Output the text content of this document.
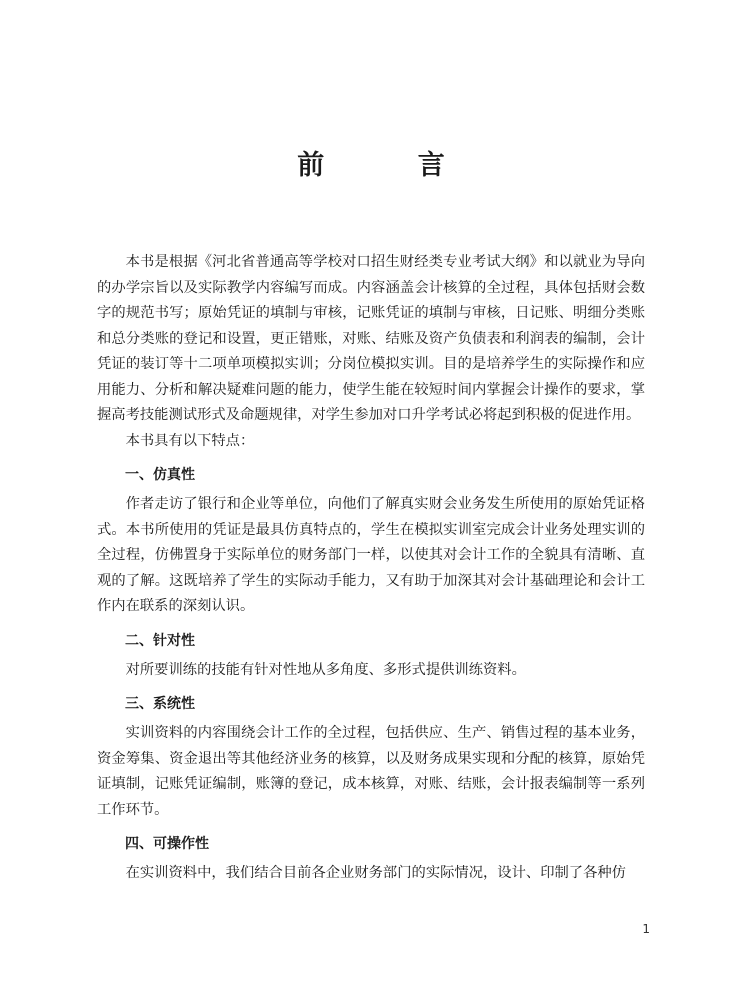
前 言

本书是根据《河北省普通高等学校对口招生财经类专业考试大纲》和以就业为导向的办学宗旨以及实际教学内容编写而成。内容涵盖会计核算的全过程，具体包括财会数字的规范书写；原始凭证的填制与审核，记账凭证的填制与审核，日记账、明细分类账和总分类账的登记和设置，更正错账，对账、结账及资产负债表和利润表的编制，会计凭证的装订等十二项单项模拟实训；分岗位模拟实训。目的是培养学生的实际操作和应用能力、分析和解决疑难问题的能力，使学生能在较短时间内掌握会计操作的要求，掌握高考技能测试形式及命题规律，对学生参加对口升学考试必将起到积极的促进作用。

本书具有以下特点：

一、仿真性

作者走访了银行和企业等单位，向他们了解真实财会业务发生所使用的原始凭证格式。本书所使用的凭证是最具仿真特点的，学生在模拟实训室完成会计业务处理实训的全过程，仿佛置身于实际单位的财务部门一样，以使其对会计工作的全貌具有清晰、直观的了解。这既培养了学生的实际动手能力，又有助于加深其对会计基础理论和会计工作内在联系的深刻认识。

二、针对性

对所要训练的技能有针对性地从多角度、多形式提供训练资料。

三、系统性

实训资料的内容围绕会计工作的全过程，包括供应、生产、销售过程的基本业务，资金筹集、资金退出等其他经济业务的核算，以及财务成果实现和分配的核算，原始凭证填制，记账凭证编制，账簿的登记，成本核算，对账、结账，会计报表编制等一系列工作环节。

四、可操作性

在实训资料中，我们结合目前各企业财务部门的实际情况，设计、印制了各种仿

1
